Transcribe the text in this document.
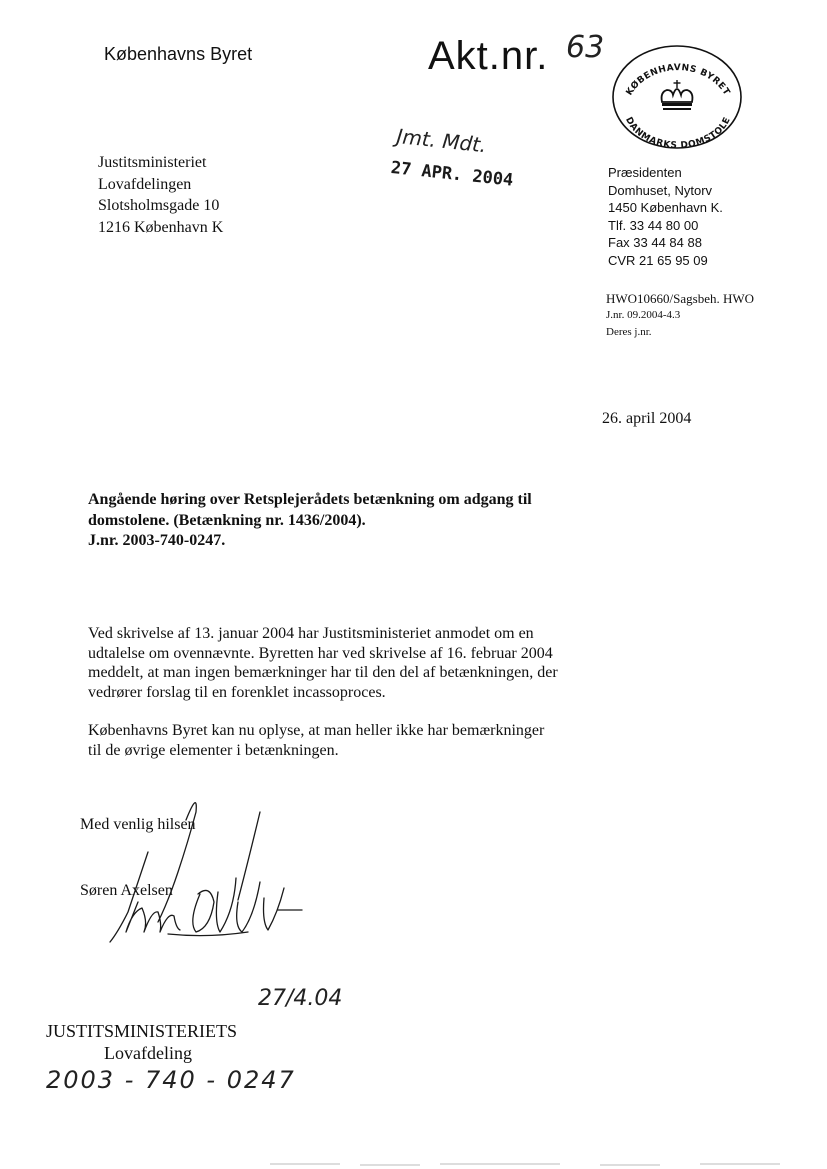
Københavns Byret	Akt.nr. 63
KØBENHAVNS BYRET
DANMARKS DOMSTOLE
Jmt. Mdt.
27 APR. 2004
Justitsministeriet
Lovafdelingen
Slotsholmsgade 10
1216 København K
Præsidenten
Domhuset, Nytorv
1450 København K.
Tlf. 33 44 80 00
Fax 33 44 84 88
CVR 21 65 95 09
HWO10660/Sagsbeh. HWO
J.nr. 09.2004-4.3
Deres j.nr.
26. april 2004
Angående høring over Retsplejerådets betænkning om adgang til
domstolene. (Betænkning nr. 1436/2004).
J.nr. 2003-740-0247.
Ved skrivelse af 13. januar 2004 har Justitsministeriet anmodet om en
udtalelse om ovennævnte. Byretten har ved skrivelse af 16. februar 2004
meddelt, at man ingen bemærkninger har til den del af betænkningen, der
vedrører forslag til en forenklet incassoproces.
Københavns Byret kan nu oplyse, at man heller ikke har bemærkninger
til de øvrige elementer i betænkningen.
Med venlig hilsen
Søren Axelsen
27/4.04
JUSTITSMINISTERIETS
Lovafdeling
2003 - 740 - 0247
